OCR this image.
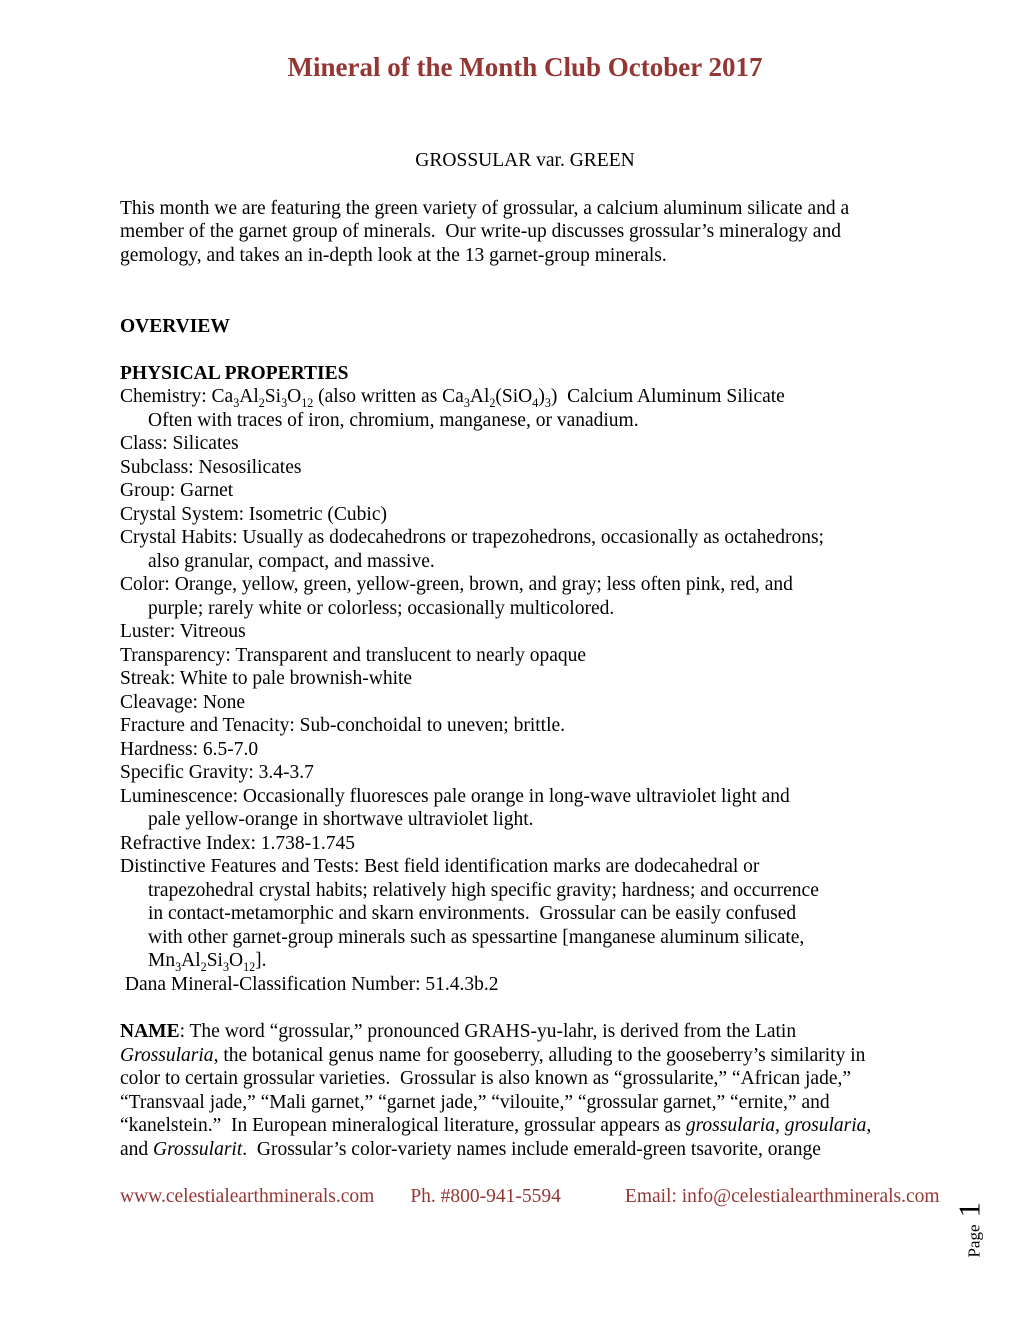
Mineral of the Month Club October 2017
GROSSULAR var. GREEN
This month we are featuring the green variety of grossular, a calcium aluminum silicate and a
member of the garnet group of minerals.  Our write-up discusses grossular’s mineralogy and
gemology, and takes an in-depth look at the 13 garnet-group minerals.
OVERVIEW
PHYSICAL PROPERTIES
Chemistry: $Ca_3Al_2Si_3O_{12}$ (also written as $Ca_3Al_2(SiO_4)_3$)  Calcium Aluminum Silicate
Often with traces of iron, chromium, manganese, or vanadium.
Class: Silicates
Subclass: Nesosilicates
Group: Garnet
Crystal System: Isometric (Cubic)
Crystal Habits: Usually as dodecahedrons or trapezohedrons, occasionally as octahedrons;
also granular, compact, and massive.
Color: Orange, yellow, green, yellow-green, brown, and gray; less often pink, red, and
purple; rarely white or colorless; occasionally multicolored.
Luster: Vitreous
Transparency: Transparent and translucent to nearly opaque
Streak: White to pale brownish-white
Cleavage: None
Fracture and Tenacity: Sub-conchoidal to uneven; brittle.
Hardness: 6.5-7.0
Specific Gravity: 3.4-3.7
Luminescence: Occasionally fluoresces pale orange in long-wave ultraviolet light and
pale yellow-orange in shortwave ultraviolet light.
Refractive Index: 1.738-1.745
Distinctive Features and Tests: Best field identification marks are dodecahedral or
trapezohedral crystal habits; relatively high specific gravity; hardness; and occurrence
in contact-metamorphic and skarn environments.  Grossular can be easily confused
with other garnet-group minerals such as spessartine [manganese aluminum silicate,
$Mn_3Al_2Si_3O_{12}$].
Dana Mineral-Classification Number: 51.4.3b.2
NAME: The word “grossular,” pronounced GRAHS-yu-lahr, is derived from the Latin
Grossularia, the botanical genus name for gooseberry, alluding to the gooseberry’s similarity in
color to certain grossular varieties.  Grossular is also known as “grossularite,” “African jade,”
“Transvaal jade,” “Mali garnet,” “garnet jade,” “vilouite,” “grossular garnet,” “ernite,” and
“kanelstein.”  In European mineralogical literature, grossular appears as grossularia, grosularia,
and Grossularit.  Grossular’s color-variety names include emerald-green tsavorite, orange
www.celestialearthminerals.com Ph. #800-941-5594	Email: info@celestialearthminerals.com
Page
1
